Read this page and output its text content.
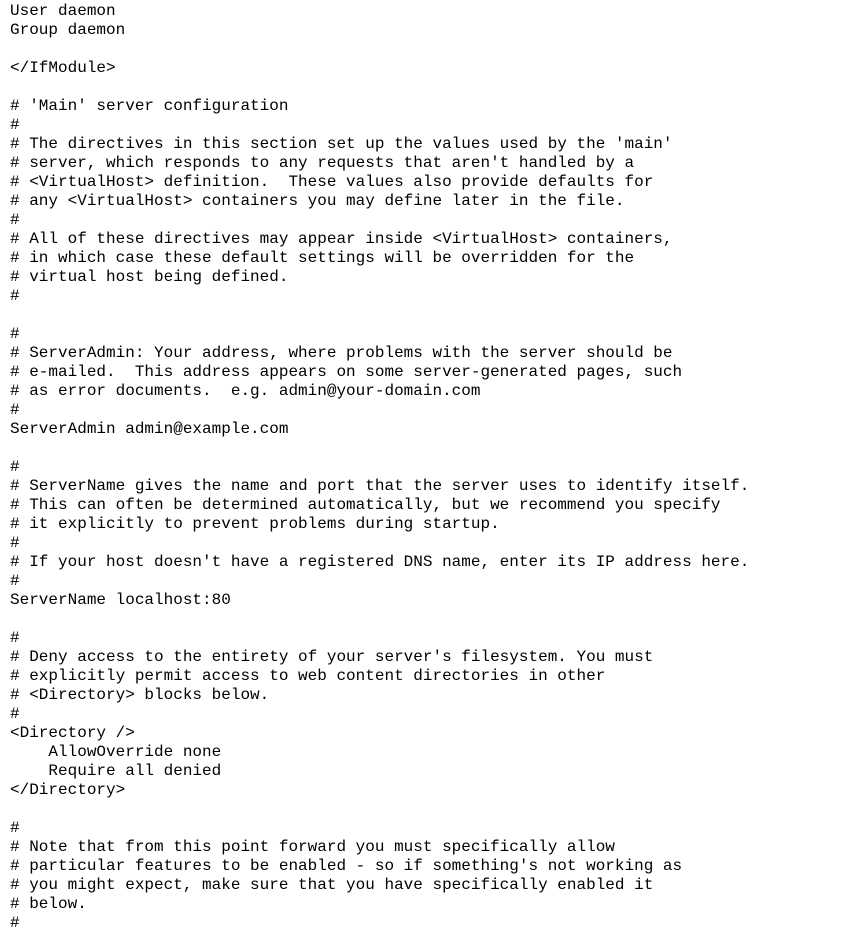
User daemon
Group daemon
</IfModule>
# 'Main' server configuration
#
# The directives in this section set up the values used by the 'main'
# server, which responds to any requests that aren't handled by a
# <VirtualHost> definition.  These values also provide defaults for
# any <VirtualHost> containers you may define later in the file.
#
# All of these directives may appear inside <VirtualHost> containers,
# in which case these default settings will be overridden for the
# virtual host being defined.
#
#
# ServerAdmin: Your address, where problems with the server should be
# e-mailed.  This address appears on some server-generated pages, such
# as error documents.  e.g. admin@your-domain.com
#
ServerAdmin admin@example.com
#
# ServerName gives the name and port that the server uses to identify itself.
# This can often be determined automatically, but we recommend you specify
# it explicitly to prevent problems during startup.
#
# If your host doesn't have a registered DNS name, enter its IP address here.
#
ServerName localhost:80
#
# Deny access to the entirety of your server's filesystem. You must
# explicitly permit access to web content directories in other
# <Directory> blocks below.
#
<Directory />
AllowOverride none
Require all denied
</Directory>
#
# Note that from this point forward you must specifically allow
# particular features to be enabled - so if something's not working as
# you might expect, make sure that you have specifically enabled it
# below.
#
